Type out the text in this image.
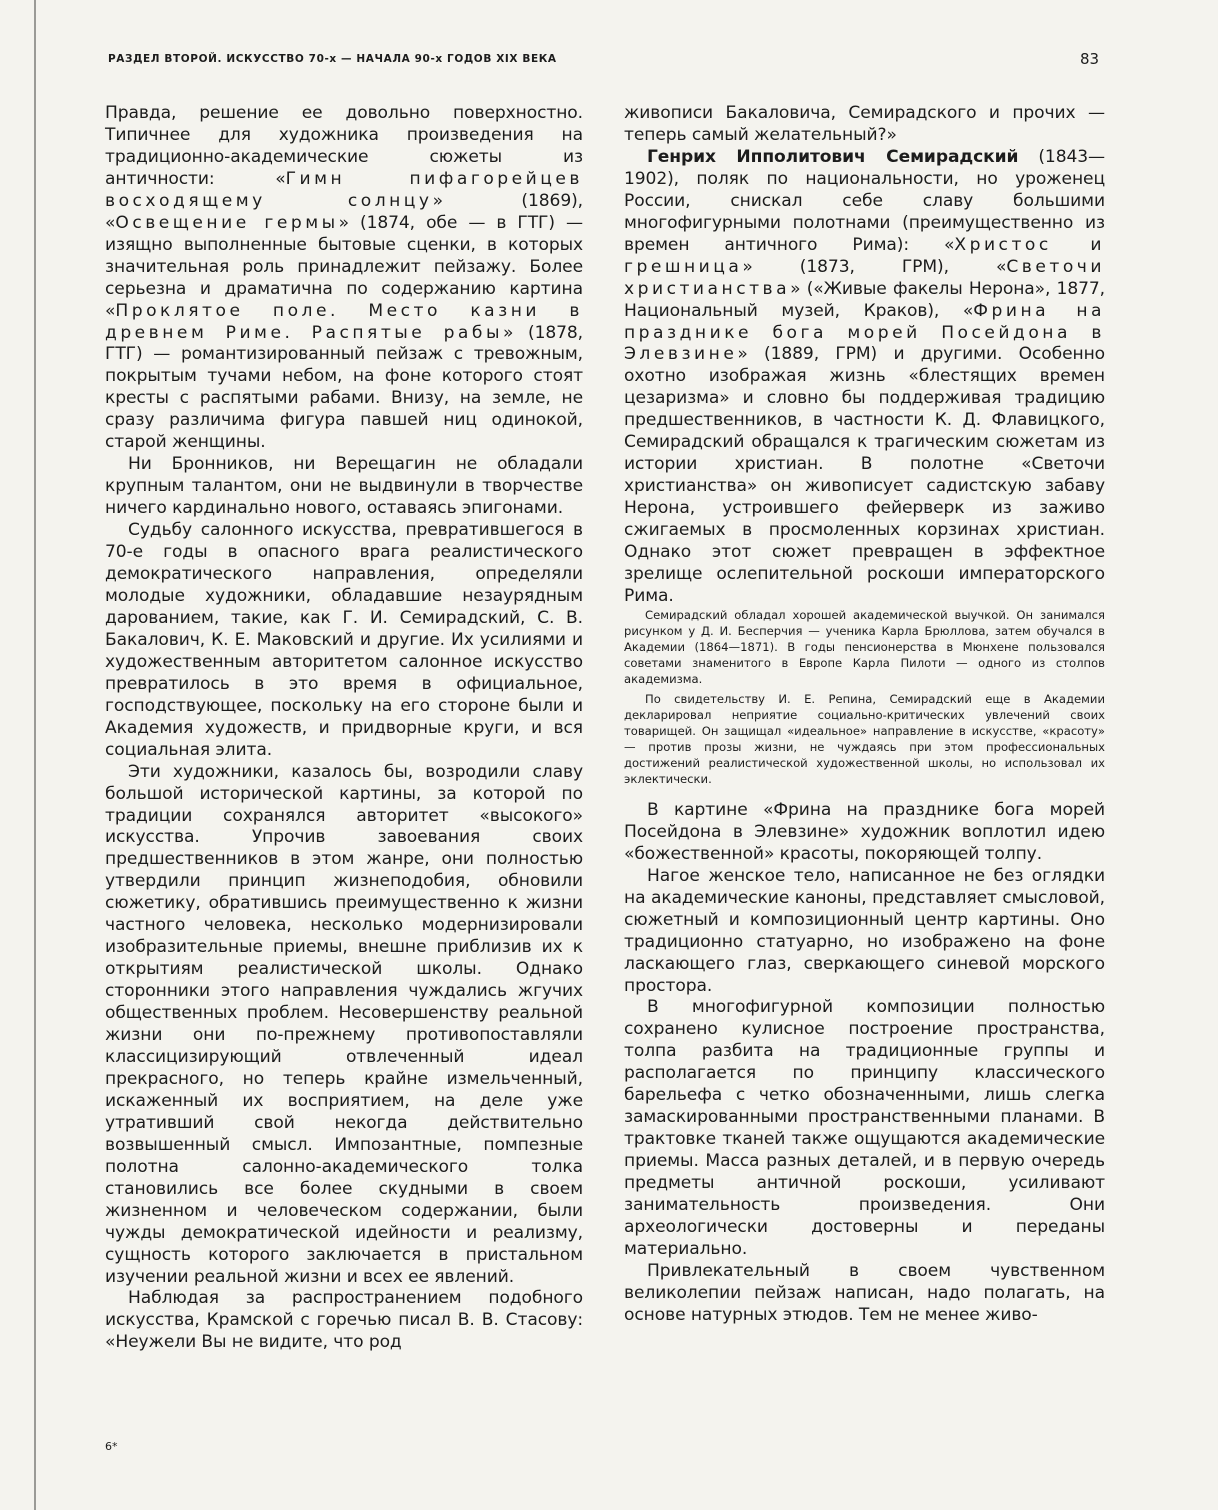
РАЗДЕЛ ВТОРОЙ. ИСКУССТВО 70-х — НАЧАЛА 90-х ГОДОВ XIX ВЕКА	83

Правда, решение ее довольно поверхностно. Типичнее для художника произведения на традиционно-академические сюжеты из античности: «Гимн пифагорейцев восходящему солнцу» (1869), «Освещение гермы» (1874, обе — в ГТГ) — изящно выполненные бытовые сценки, в которых значительная роль принадлежит пейзажу. Более серьезна и драматична по содержанию картина «Проклятое поле. Место казни в древнем Риме. Распятые рабы» (1878, ГТГ) — романтизированный пейзаж с тревожным, покрытым тучами небом, на фоне которого стоят кресты с распятыми рабами. Внизу, на земле, не сразу различима фигура павшей ниц одинокой, старой женщины.

Ни Бронников, ни Верещагин не обладали крупным талантом, они не выдвинули в творчестве ничего кардинально нового, оставаясь эпигонами.

Судьбу салонного искусства, превратившегося в 70-е годы в опасного врага реалистического демократического направления, определяли молодые художники, обладавшие незаурядным дарованием, такие, как Г. И. Семирадский, С. В. Бакалович, К. Е. Маковский и другие. Их усилиями и художественным авторитетом салонное искусство превратилось в это время в официальное, господствующее, поскольку на его стороне были и Академия художеств, и придворные круги, и вся социальная элита.

Эти художники, казалось бы, возродили славу большой исторической картины, за которой по традиции сохранялся авторитет «высокого» искусства. Упрочив завоевания своих предшественников в этом жанре, они полностью утвердили принцип жизнеподобия, обновили сюжетику, обратившись преимущественно к жизни частного человека, несколько модернизировали изобразительные приемы, внешне приблизив их к открытиям реалистической школы. Однако сторонники этого направления чуждались жгучих общественных проблем. Несовершенству реальной жизни они по-прежнему противопоставляли классицизирующий отвлеченный идеал прекрасного, но теперь крайне измельченный, искаженный их восприятием, на деле уже утративший свой некогда действительно возвышенный смысл. Импозантные, помпезные полотна салонно-академического толка становились все более скудными в своем жизненном и человеческом содержании, были чужды демократической идейности и реализму, сущность которого заключается в пристальном изучении реальной жизни и всех ее явлений.

Наблюдая за распространением подобного искусства, Крамской с горечью писал В. В. Стасову: «Неужели Вы не видите, что род

живописи Бакаловича, Семирадского и прочих — теперь самый желательный?»

Генрих Ипполитович Семирадский (1843—1902), поляк по национальности, но уроженец России, снискал себе славу большими многофигурными полотнами (преимущественно из времен античного Рима): «Христос и грешница» (1873, ГРМ), «Светочи христианства» («Живые факелы Нерона», 1877, Национальный музей, Краков), «Фрина на празднике бога морей Посейдона в Элевзине» (1889, ГРМ) и другими. Особенно охотно изображая жизнь «блестящих времен цезаризма» и словно бы поддерживая традицию предшественников, в частности К. Д. Флавицкого, Семирадский обращался к трагическим сюжетам из истории христиан. В полотне «Светочи христианства» он живописует садистскую забаву Нерона, устроившего фейерверк из заживо сжигаемых в просмоленных корзинах христиан. Однако этот сюжет превращен в эффектное зрелище ослепительной роскоши императорского Рима.

Семирадский обладал хорошей академической выучкой. Он занимался рисунком у Д. И. Бесперчия — ученика Карла Брюллова, затем обучался в Академии (1864—1871). В годы пенсионерства в Мюнхене пользовался советами знаменитого в Европе Карла Пилоти — одного из столпов академизма.

По свидетельству И. Е. Репина, Семирадский еще в Академии декларировал неприятие социально-критических увлечений своих товарищей. Он защищал «идеальное» направление в искусстве, «красоту» — против прозы жизни, не чуждаясь при этом профессиональных достижений реалистической художественной школы, но использовал их эклектически.

В картине «Фрина на празднике бога морей Посейдона в Элевзине» художник воплотил идею «божественной» красоты, покоряющей толпу.

Нагое женское тело, написанное не без оглядки на академические каноны, представляет смысловой, сюжетный и композиционный центр картины. Оно традиционно статуарно, но изображено на фоне ласкающего глаз, сверкающего синевой морского простора.

В многофигурной композиции полностью сохранено кулисное построение пространства, толпа разбита на традиционные группы и располагается по принципу классического барельефа с четко обозначенными, лишь слегка замаскированными пространственными планами. В трактовке тканей также ощущаются академические приемы. Масса разных деталей, и в первую очередь предметы античной роскоши, усиливают занимательность произведения. Они археологически достоверны и переданы материально.

Привлекательный в своем чувственном великолепии пейзаж написан, надо полагать, на основе натурных этюдов. Тем не менее живо-

6*
